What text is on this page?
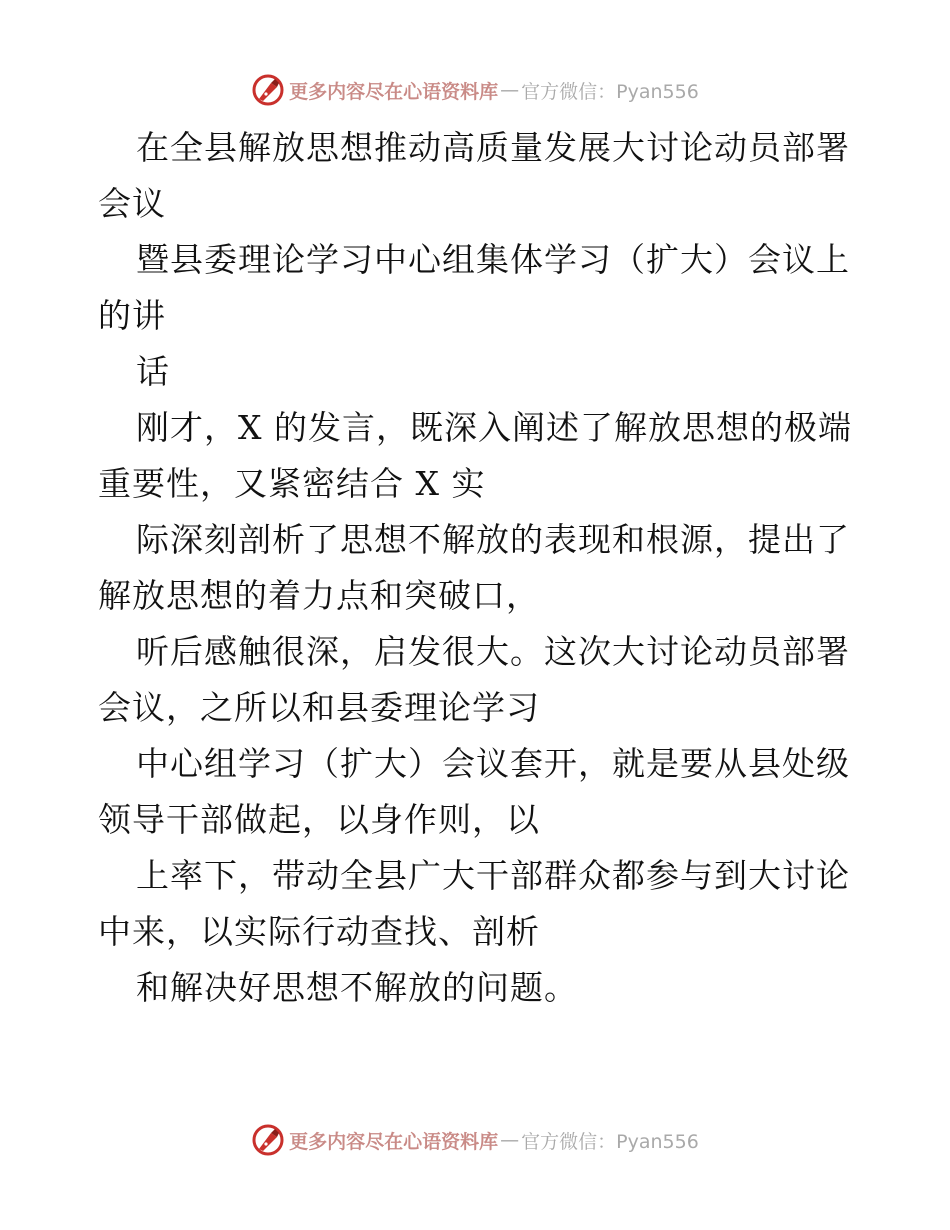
更多内容尽在心语资料库 — 官方微信：Pyan556
在全县解放思想推动高质量发展大讨论动员部署
会议
暨县委理论学习中心组集体学习（扩大）会议上
的讲
话
刚才，X 的发言，既深入阐述了解放思想的极端
重要性，又紧密结合 X 实
际深刻剖析了思想不解放的表现和根源，提出了
解放思想的着力点和突破口，
听后感触很深，启发很大。这次大讨论动员部署
会议，之所以和县委理论学习
中心组学习（扩大）会议套开，就是要从县处级
领导干部做起，以身作则，以
上率下，带动全县广大干部群众都参与到大讨论
中来，以实际行动查找、剖析
和解决好思想不解放的问题。
更多内容尽在心语资料库 — 官方微信：Pyan556
